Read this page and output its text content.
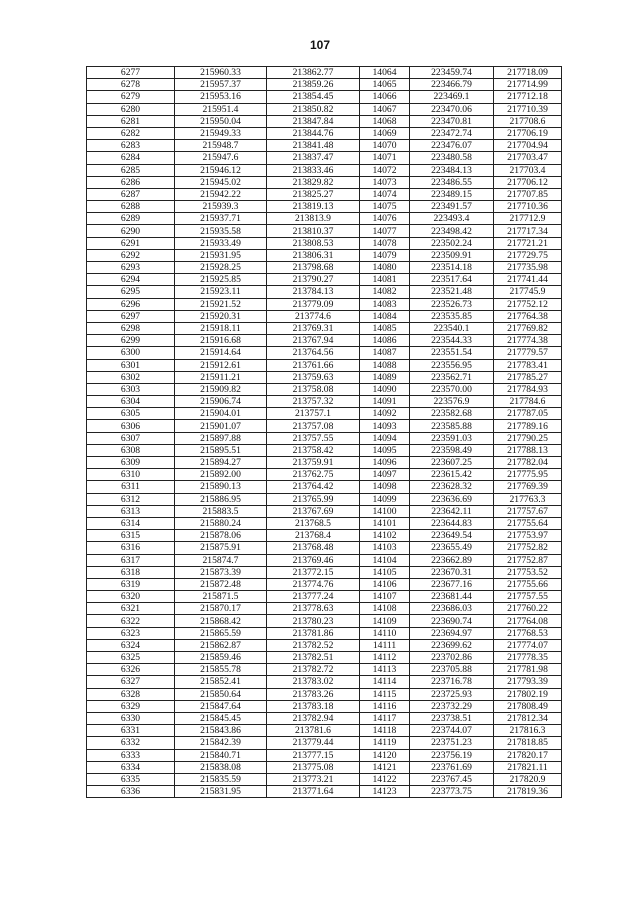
107
6277	215960.33	213862.77	14064	223459.74	217718.09
6278	215957.37	213859.26	14065	223466.79	217714.99
6279	215953.16	213854.45	14066	223469.1	217712.18
6280	215951.4	213850.82	14067	223470.06	217710.39
6281	215950.04	213847.84	14068	223470.81	217708.6
6282	215949.33	213844.76	14069	223472.74	217706.19
6283	215948.7	213841.48	14070	223476.07	217704.94
6284	215947.6	213837.47	14071	223480.58	217703.47
6285	215946.12	213833.46	14072	223484.13	217703.4
6286	215945.02	213829.82	14073	223486.55	217706.12
6287	215942.22	213825.27	14074	223489.15	217707.85
6288	215939.3	213819.13	14075	223491.57	217710.36
6289	215937.71	213813.9	14076	223493.4	217712.9
6290	215935.58	213810.37	14077	223498.42	217717.34
6291	215933.49	213808.53	14078	223502.24	217721.21
6292	215931.95	213806.31	14079	223509.91	217729.75
6293	215928.25	213798.68	14080	223514.18	217735.98
6294	215925.85	213790.27	14081	223517.64	217741.44
6295	215923.11	213784.13	14082	223521.48	217745.9
6296	215921.52	213779.09	14083	223526.73	217752.12
6297	215920.31	213774.6	14084	223535.85	217764.38
6298	215918.11	213769.31	14085	223540.1	217769.82
6299	215916.68	213767.94	14086	223544.33	217774.38
6300	215914.64	213764.56	14087	223551.54	217779.57
6301	215912.61	213761.66	14088	223556.95	217783.41
6302	215911.21	213759.63	14089	223562.71	217785.27
6303	215909.82	213758.08	14090	223570.00	217784.93
6304	215906.74	213757.32	14091	223576.9	217784.6
6305	215904.01	213757.1	14092	223582.68	217787.05
6306	215901.07	213757.08	14093	223585.88	217789.16
6307	215897.88	213757.55	14094	223591.03	217790.25
6308	215895.51	213758.42	14095	223598.49	217788.13
6309	215894.27	213759.91	14096	223607.25	217782.04
6310	215892.00	213762.75	14097	223615.42	217775.95
6311	215890.13	213764.42	14098	223628.32	217769.39
6312	215886.95	213765.99	14099	223636.69	217763.3
6313	215883.5	213767.69	14100	223642.11	217757.67
6314	215880.24	213768.5	14101	223644.83	217755.64
6315	215878.06	213768.4	14102	223649.54	217753.97
6316	215875.91	213768.48	14103	223655.49	217752.82
6317	215874.7	213769.46	14104	223662.89	217752.87
6318	215873.39	213772.15	14105	223670.31	217753.52
6319	215872.48	213774.76	14106	223677.16	217755.66
6320	215871.5	213777.24	14107	223681.44	217757.55
6321	215870.17	213778.63	14108	223686.03	217760.22
6322	215868.42	213780.23	14109	223690.74	217764.08
6323	215865.59	213781.86	14110	223694.97	217768.53
6324	215862.87	213782.52	14111	223699.62	217774.07
6325	215859.46	213782.51	14112	223702.86	217778.35
6326	215855.78	213782.72	14113	223705.88	217781.98
6327	215852.41	213783.02	14114	223716.78	217793.39
6328	215850.64	213783.26	14115	223725.93	217802.19
6329	215847.64	213783.18	14116	223732.29	217808.49
6330	215845.45	213782.94	14117	223738.51	217812.34
6331	215843.86	213781.6	14118	223744.07	217816.3
6332	215842.39	213779.44	14119	223751.23	217818.85
6333	215840.71	213777.15	14120	223756.19	217820.17
6334	215838.08	213775.08	14121	223761.69	217821.11
6335	215835.59	213773.21	14122	223767.45	217820.9
6336	215831.95	213771.64	14123	223773.75	217819.36
